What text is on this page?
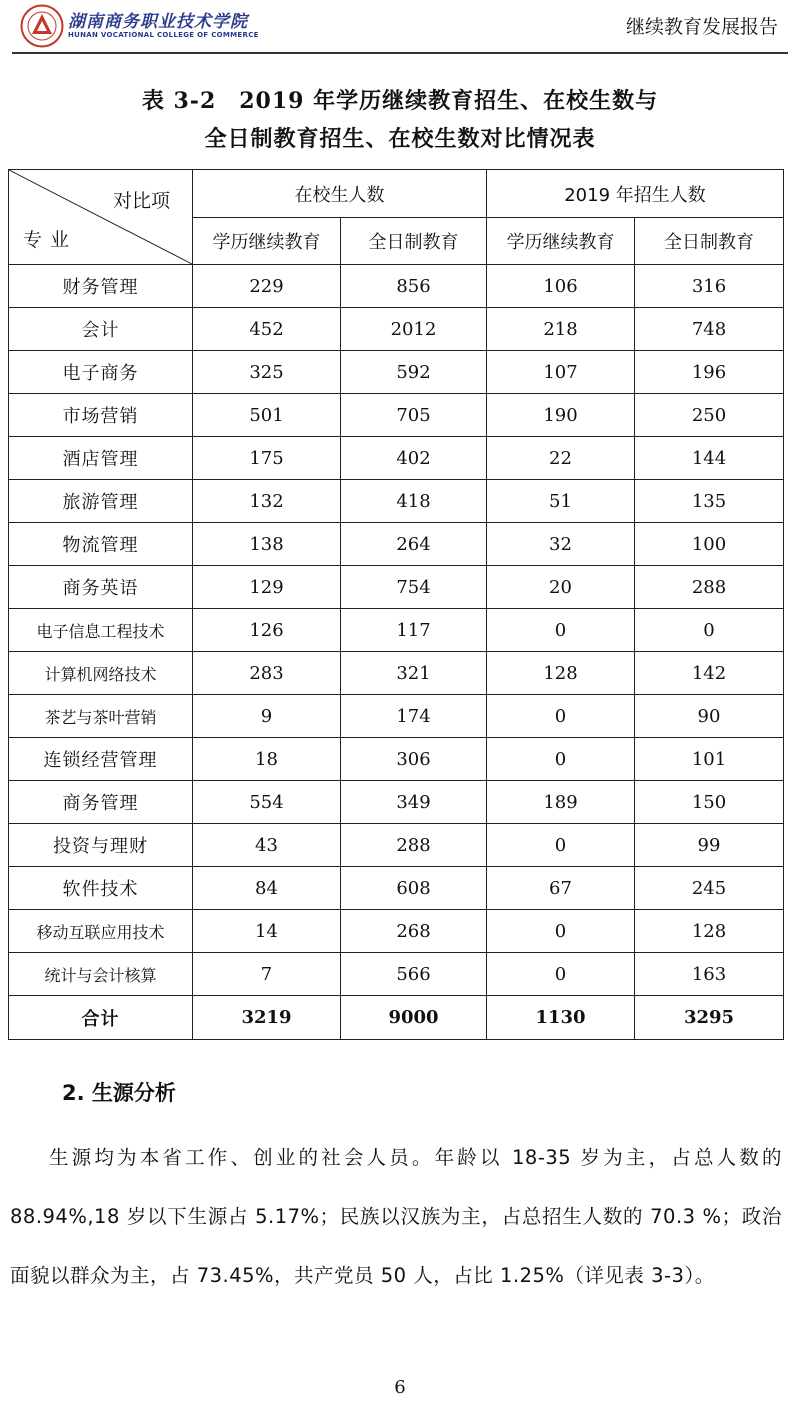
湖南商务职业技术学院
HUNAN VOCATIONAL COLLEGE OF COMMERCE	继续教育发展报告
表 3-2　2019 年学历继续教育招生、在校生数与
全日制教育招生、在校生数对比情况表
对比项
专业	在校生人数		2019 年招生人数	
	学历继续教育	全日制教育	学历继续教育	全日制教育
财务管理	229	856	106	316
会计	452	2012	218	748
电子商务	325	592	107	196
市场营销	501	705	190	250
酒店管理	175	402	22	144
旅游管理	132	418	51	135
物流管理	138	264	32	100
商务英语	129	754	20	288
电子信息工程技术	126	117	0	0
计算机网络技术	283	321	128	142
茶艺与茶叶营销	9	174	0	90
连锁经营管理	18	306	0	101
商务管理	554	349	189	150
投资与理财	43	288	0	99
软件技术	84	608	67	245
移动互联应用技术	14	268	0	128
统计与会计核算	7	566	0	163
合计	3219	9000	1130	3295
2. 生源分析
生源均为本省工作、创业的社会人员。年龄以 18-35 岁为主，占总人数的 88.94%,18 岁以下生源占 5.17%；民族以汉族为主，占总招生人数的 70.3 %；政治面貌以群众为主，占 73.45%，共产党员 50 人，占比 1.25%（详见表 3-3）。
6
